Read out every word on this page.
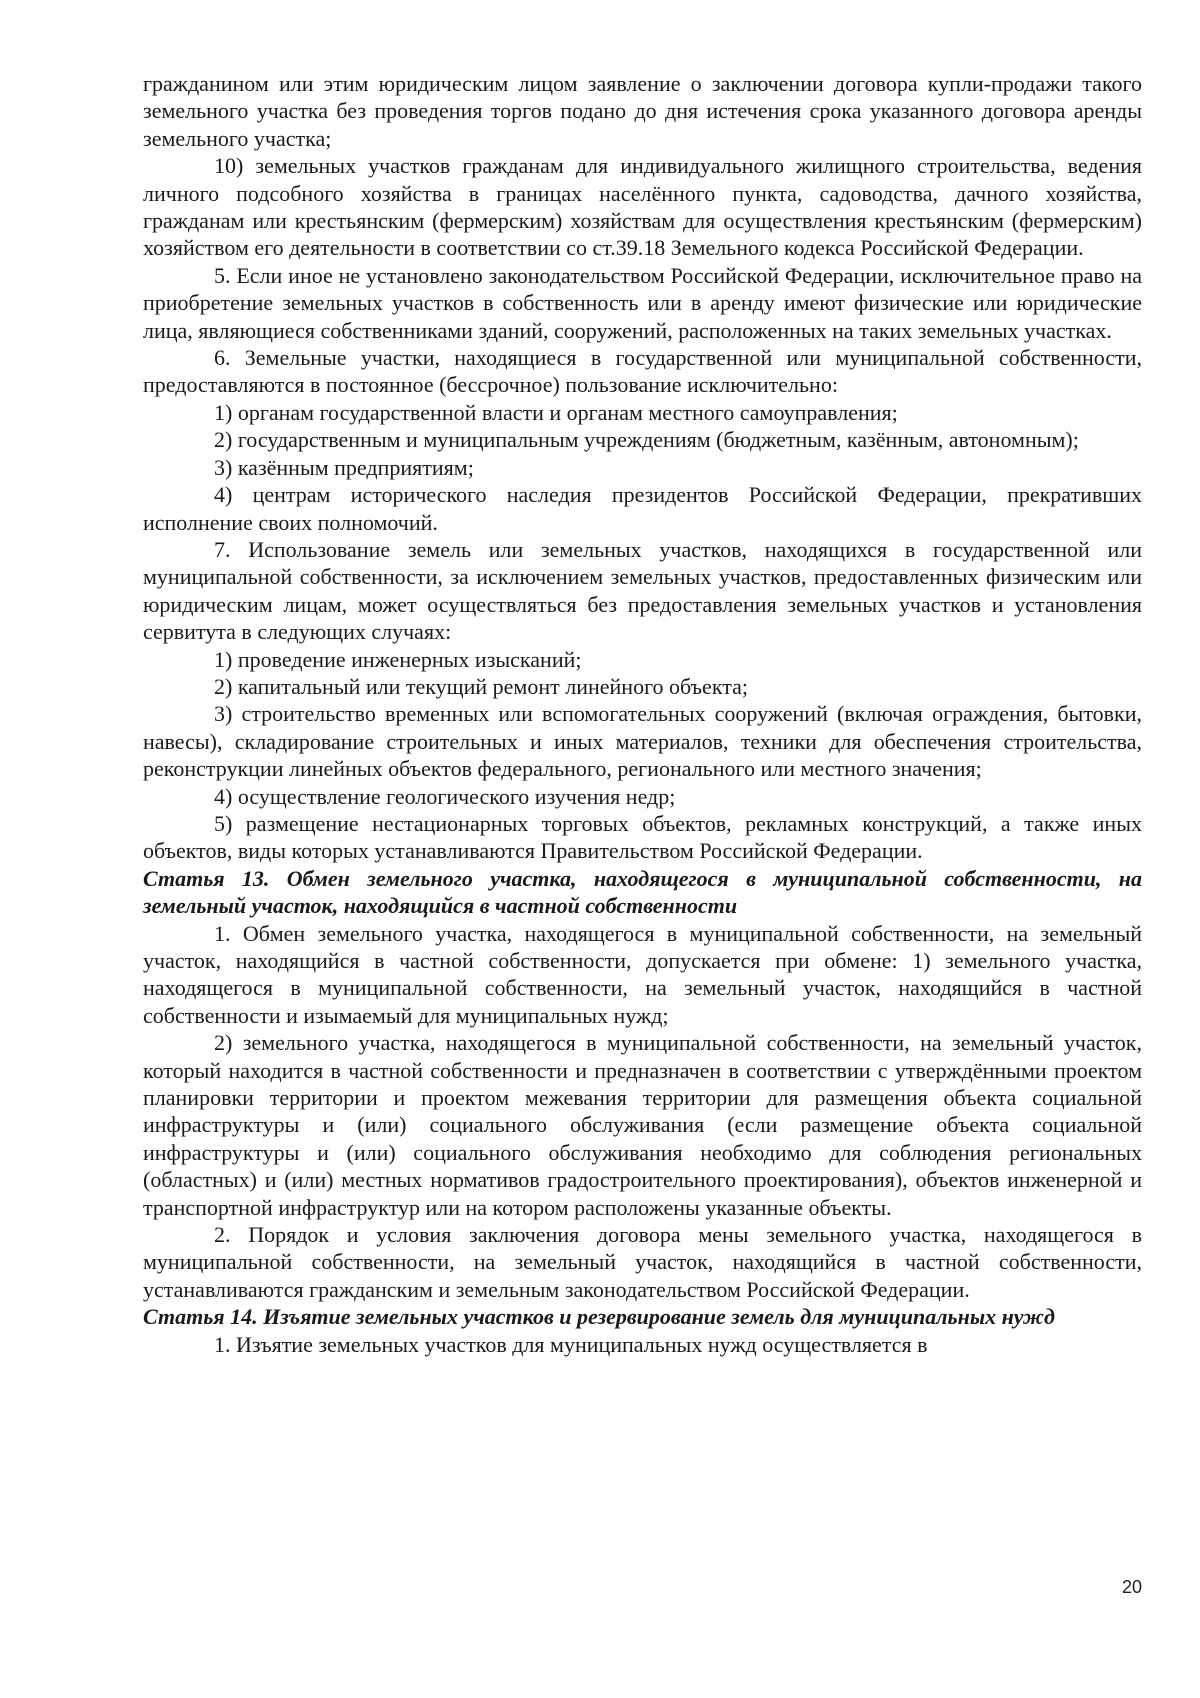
гражданином или этим юридическим лицом заявление о заключении договора купли-продажи такого земельного участка без проведения торгов подано до дня истечения срока указанного договора аренды земельного участка;

10) земельных участков гражданам для индивидуального жилищного строительства, ведения личного подсобного хозяйства в границах населённого пункта, садоводства, дачного хозяйства, гражданам или крестьянским (фермерским) хозяйствам для осуществления крестьянским (фермерским) хозяйством его деятельности в соответствии со ст.39.18 Земельного кодекса Российской Федерации.

5. Если иное не установлено законодательством Российской Федерации, исключительное право на приобретение земельных участков в собственность или в аренду имеют физические или юридические лица, являющиеся собственниками зданий, сооружений, расположенных на таких земельных участках.

6. Земельные участки, находящиеся в государственной или муниципальной собственности, предоставляются в постоянное (бессрочное) пользование исключительно:

1) органам государственной власти и органам местного самоуправления;

2) государственным и муниципальным учреждениям (бюджетным, казённым, автономным);

3) казённым предприятиям;

4) центрам исторического наследия президентов Российской Федерации, прекративших исполнение своих полномочий.

7. Использование земель или земельных участков, находящихся в государственной или муниципальной собственности, за исключением земельных участков, предоставленных физическим или юридическим лицам, может осуществляться без предоставления земельных участков и установления сервитута в следующих случаях:

1) проведение инженерных изысканий;

2) капитальный или текущий ремонт линейного объекта;

3) строительство временных или вспомогательных сооружений (включая ограждения, бытовки, навесы), складирование строительных и иных материалов, техники для обеспечения строительства, реконструкции линейных объектов федерального, регионального или местного значения;

4) осуществление геологического изучения недр;

5) размещение нестационарных торговых объектов, рекламных конструкций, а также иных объектов, виды которых устанавливаются Правительством Российской Федерации.

Статья 13. Обмен земельного участка, находящегося в муниципальной собственности, на земельный участок, находящийся в частной собственности

1. Обмен земельного участка, находящегося в муниципальной собственности, на земельный участок, находящийся в частной собственности, допускается при обмене: 1) земельного участка, находящегося в муниципальной собственности, на земельный участок, находящийся в частной собственности и изымаемый для муниципальных нужд;

2) земельного участка, находящегося в муниципальной собственности, на земельный участок, который находится в частной собственности и предназначен в соответствии с утверждёнными проектом планировки территории и проектом межевания территории для размещения объекта социальной инфраструктуры и (или) социального обслуживания (если размещение объекта социальной инфраструктуры и (или) социального обслуживания необходимо для соблюдения региональных (областных) и (или) местных нормативов градостроительного проектирования), объектов инженерной и транспортной инфраструктур или на котором расположены указанные объекты.

2. Порядок и условия заключения договора мены земельного участка, находящегося в муниципальной собственности, на земельный участок, находящийся в частной собственности, устанавливаются гражданским и земельным законодательством Российской Федерации.

Статья 14. Изъятие земельных участков и резервирование земель для муниципальных нужд

1. Изъятие земельных участков для муниципальных нужд осуществляется в

20
